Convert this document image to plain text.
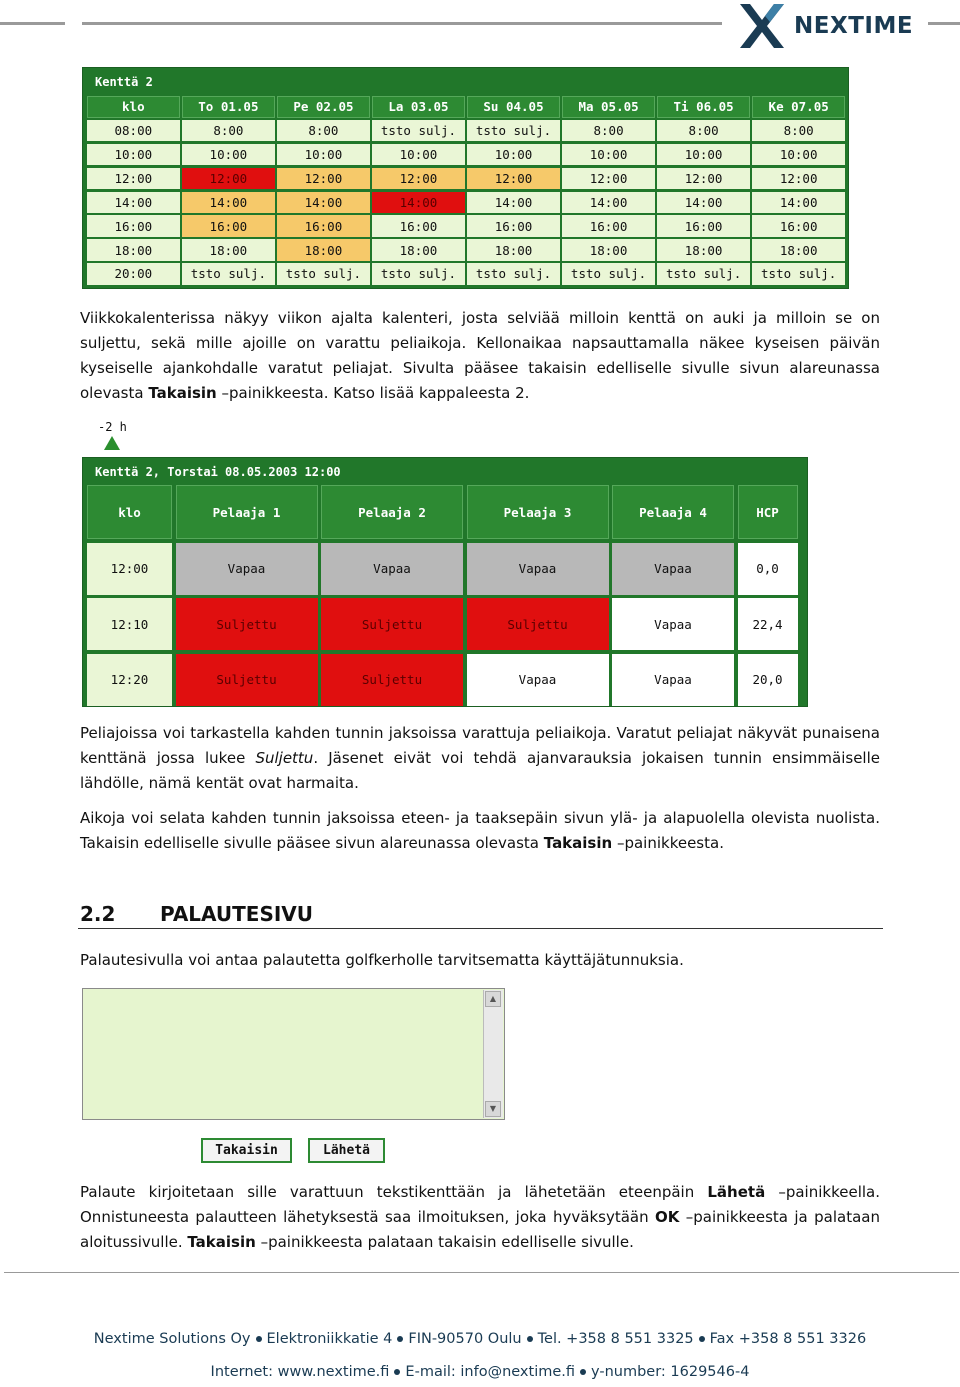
NEXTIME
Kenttä 2
klo	To 01.05	Pe 02.05	La 03.05	Su 04.05	Ma 05.05	Ti 06.05	Ke 07.05
08:00	8:00	8:00	tsto sulj.	tsto sulj.	8:00	8:00	8:00
10:00	10:00	10:00	10:00	10:00	10:00	10:00	10:00
12:00	12:00	12:00	12:00	12:00	12:00	12:00	12:00
14:00	14:00	14:00	14:00	14:00	14:00	14:00	14:00
16:00	16:00	16:00	16:00	16:00	16:00	16:00	16:00
18:00	18:00	18:00	18:00	18:00	18:00	18:00	18:00
20:00	tsto sulj.	tsto sulj.	tsto sulj.	tsto sulj.	tsto sulj.	tsto sulj.	tsto sulj.

Viikkokalenterissa näkyy viikon ajalta kalenteri, josta selviää milloin kenttä on auki ja milloin se on suljettu, sekä mille ajoille on varattu peliaikoja. Kellonaikaa napsauttamalla näkee kyseisen päivän kyseiselle ajankohdalle varatut peliajat. Sivulta pääsee takaisin edelliselle sivulle sivun alareunassa olevasta Takaisin –painikkeesta. Katso lisää kappaleesta 2.

-2 h
Kenttä 2, Torstai 08.05.2003 12:00
klo	Pelaaja 1	Pelaaja 2	Pelaaja 3	Pelaaja 4	HCP
12:00	Vapaa	Vapaa	Vapaa	Vapaa	0,0
12:10	Suljettu	Suljettu	Suljettu	Vapaa	22,4
12:20	Suljettu	Suljettu	Vapaa	Vapaa	20,0

Peliajoissa voi tarkastella kahden tunnin jaksoissa varattuja peliaikoja. Varatut peliajat näkyvät punaisena kenttänä jossa lukee Suljettu. Jäsenet eivät voi tehdä ajanvarauksia jokaisen tunnin ensimmäiselle lähdölle, nämä kentät ovat harmaita.

Aikoja voi selata kahden tunnin jaksoissa eteen- ja taaksepäin sivun ylä- ja alapuolella olevista nuolista. Takaisin edelliselle sivulle pääsee sivun alareunassa olevasta Takaisin –painikkeesta.

2.2 PALAUTESIVU

Palautesivulla voi antaa palautetta golfkerholle tarvitsematta käyttäjätunnuksia.

▲
▼
Takaisin	Lähetä

Palaute kirjoitetaan sille varattuun tekstikenttään ja lähetetään eteenpäin Lähetä –painikkeella. Onnistuneesta palautteen lähetyksestä saa ilmoituksen, joka hyväksytään OK –painikkeesta ja palataan aloitussivulle. Takaisin –painikkeesta palataan takaisin edelliselle sivulle.

Nextime Solutions Oy Elektroniikkatie 4 FIN-90570 Oulu Tel. +358 8 551 3325 Fax +358 8 551 3326
Internet: www.nextime.fi E-mail: info@nextime.fi y-number: 1629546-4
